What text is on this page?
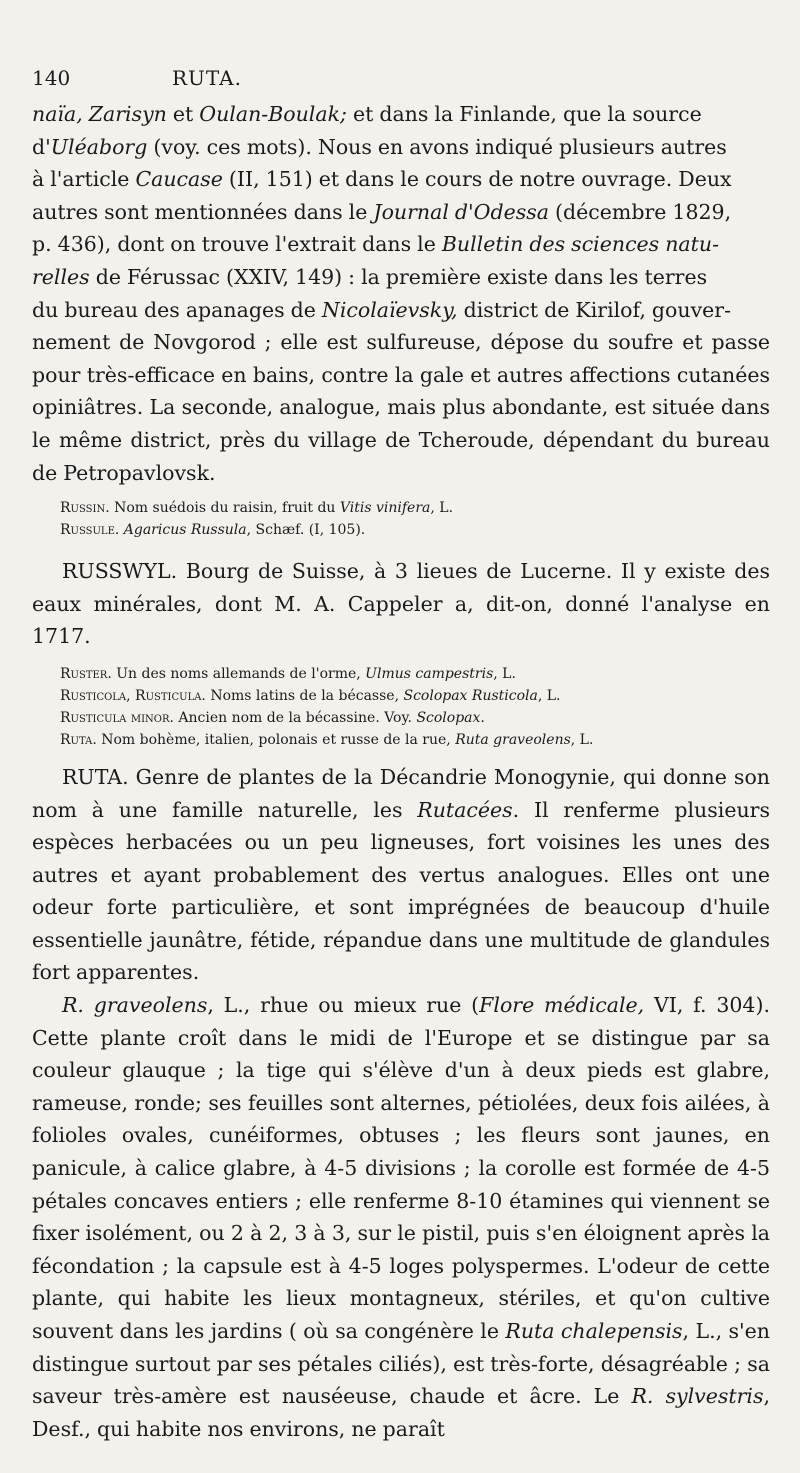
140	RUTA.

naïa, Zarisyn et Oulan-Boulak; et dans la Finlande, que la source

d'Uléaborg (voy. ces mots). Nous en avons indiqué plusieurs autres

à l'article Caucase (II, 151) et dans le cours de notre ouvrage. Deux

autres sont mentionnées dans le Journal d'Odessa (décembre 1829,

p. 436), dont on trouve l'extrait dans le Bulletin des sciences natu-

relles de Férussac (XXIV, 149) : la première existe dans les terres

du bureau des apanages de Nicolaïevsky, district de Kirilof, gouver-

nement de Novgorod ; elle est sulfureuse, dépose du soufre et passe pour très-efficace en bains, contre la gale et autres affections cutanées opiniâtres. La seconde, analogue, mais plus abondante, est située dans le même district, près du village de Tcheroude, dépendant du bureau de Petropavlovsk.

Russin. Nom suédois du raisin, fruit du Vitis vinifera, L.

Russule. Agaricus Russula, Schæf. (I, 105).

RUSSWYL. Bourg de Suisse, à 3 lieues de Lucerne. Il y existe des eaux minérales, dont M. A. Cappeler a, dit-on, donné l'analyse en 1717.

Ruster. Un des noms allemands de l'orme, Ulmus campestris, L.

Rusticola, Rusticula. Noms latins de la bécasse, Scolopax Rusticola, L.

Rusticula minor. Ancien nom de la bécassine. Voy. Scolopax.

Ruta. Nom bohème, italien, polonais et russe de la rue, Ruta graveolens, L.

RUTA. Genre de plantes de la Décandrie Monogynie, qui donne son nom à une famille naturelle, les Rutacées. Il renferme plusieurs espèces herbacées ou un peu ligneuses, fort voisines les unes des autres et ayant probablement des vertus analogues. Elles ont une odeur forte particulière, et sont imprégnées de beaucoup d'huile essentielle jaunâtre, fétide, répandue dans une multitude de glandules fort apparentes.

R. graveolens, L., rhue ou mieux rue (Flore médicale, VI, f. 304). Cette plante croît dans le midi de l'Europe et se distingue par sa couleur glauque ; la tige qui s'élève d'un à deux pieds est glabre, rameuse, ronde; ses feuilles sont alternes, pétiolées, deux fois ailées, à folioles ovales, cunéiformes, obtuses ; les fleurs sont jaunes, en panicule, à calice glabre, à 4-5 divisions ; la corolle est formée de 4-5 pétales concaves entiers ; elle renferme 8-10 étamines qui viennent se fixer isolément, ou 2 à 2, 3 à 3, sur le pistil, puis s'en éloignent après la fécondation ; la capsule est à 4-5 loges polyspermes. L'odeur de cette plante, qui habite les lieux montagneux, stériles, et qu'on cultive souvent dans les jardins ( où sa congénère le Ruta chalepensis, L., s'en distingue surtout par ses pétales ciliés), est très-forte, désagréable ; sa saveur très-amère est nauséeuse, chaude et âcre. Le R. sylvestris, Desf., qui habite nos environs, ne paraît
